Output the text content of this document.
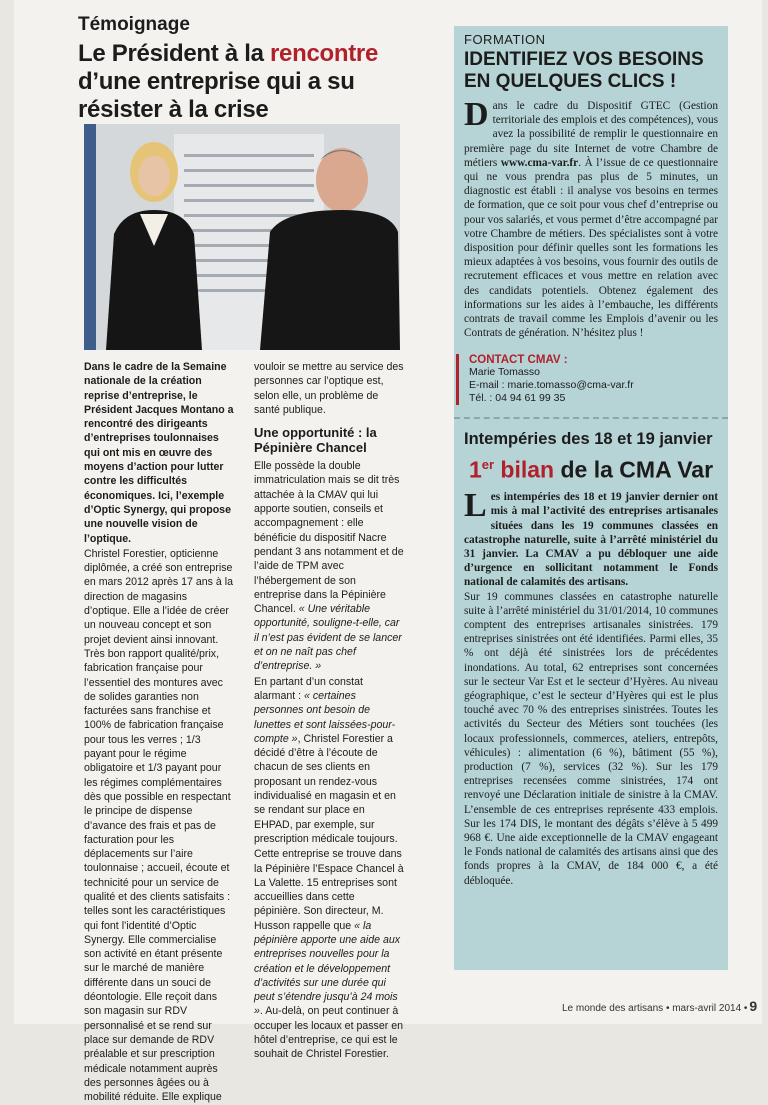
Témoignage
Le Président à la rencontre d’une entreprise qui a su résister à la crise

Dans le cadre de la Semaine nationale de la création reprise d’entreprise, le Président Jacques Montano a rencontré des dirigeants d’entreprises toulonnaises qui ont mis en œuvre des moyens d’action pour lutter contre les difficultés économiques. Ici, l’exemple d’Optic Synergy, qui propose une nouvelle vision de l’optique.

Christel Forestier, opticienne diplômée, a créé son entreprise en mars 2012 après 17 ans à la direction de magasins d’optique. Elle a l’idée de créer un nouveau concept et son projet devient ainsi innovant. Très bon rapport qualité/prix, fabrication française pour l’essentiel des montures avec de solides garanties non facturées sans franchise et 100% de fabrication française pour tous les verres ; 1/3 payant pour le régime obligatoire et 1/3 payant pour les régimes complémentaires dès que possible en respectant le principe de dispense d’avance des frais et pas de facturation pour les déplacements sur l’aire toulonnaise ; accueil, écoute et technicité pour un service de qualité et des clients satisfaits : telles sont les caractéristiques qui font l’identité d’Optic Synergy. Elle commercialise son activité en étant présente sur le marché de manière différente dans un souci de déontologie. Elle reçoit dans son magasin sur RDV personnalisé et se rend sur place sur demande de RDV préalable et sur prescription médicale notamment auprès des personnes âgées ou à mobilité réduite. Elle explique

vouloir se mettre au service des personnes car l’optique est, selon elle, un problème de santé publique.

Une opportunité : la Pépinière Chancel

Elle possède la double immatriculation mais se dit très attachée à la CMAV qui lui apporte soutien, conseils et accompagnement : elle bénéficie du dispositif Nacre pendant 3 ans notamment et de l’aide de TPM avec l’hébergement de son entreprise dans la Pépinière Chancel. « Une véritable opportunité, souligne-t-elle, car il n’est pas évident de se lancer et on ne naît pas chef d’entreprise. »

En partant d’un constat alarmant : « certaines personnes ont besoin de lunettes et sont laissées-pour-compte », Christel Forestier a décidé d’être à l’écoute de chacun de ses clients en proposant un rendez-vous individualisé en magasin et en se rendant sur place en EHPAD, par exemple, sur prescription médicale toujours.

Cette entreprise se trouve dans la Pépinière l’Espace Chancel à La Valette. 15 entreprises sont accueillies dans cette pépinière. Son directeur, M. Husson rappelle que « la pépinière apporte une aide aux entreprises nouvelles pour la création et le développement d’activités sur une durée qui peut s’étendre jusqu’à 24 mois ». Au-delà, on peut continuer à occuper les locaux et passer en hôtel d’entreprise, ce qui est le souhait de Christel Forestier.

FORMATION
IDENTIFIEZ VOS BESOINS EN QUELQUES CLICS !
Dans le cadre du Dispositif GTEC (Gestion territoriale des emplois et des compétences), vous avez la possibilité de remplir le questionnaire en première page du site Internet de votre Chambre de métiers www.cma-var.fr. À l’issue de ce questionnaire qui ne vous prendra pas plus de 5 minutes, un diagnostic est établi : il analyse vos besoins en termes de formation, que ce soit pour vous chef d’entreprise ou pour vos salariés, et vous permet d’être accompagné par votre Chambre de métiers. Des spécialistes sont à votre disposition pour définir quelles sont les formations les mieux adaptées à vos besoins, vous fournir des outils de recrutement efficaces et vous mettre en relation avec des candidats potentiels. Obtenez également des informations sur les aides à l’embauche, les différents contrats de travail comme les Emplois d’avenir ou les Contrats de génération. N’hésitez plus !
CONTACT CMAV :
Marie Tomasso
E-mail : marie.tomasso@cma-var.fr
Tél. : 04 94 61 99 35
Intempéries des 18 et 19 janvier
1er bilan de la CMA Var
Les intempéries des 18 et 19 janvier dernier ont mis à mal l’activité des entreprises artisanales situées dans les 19 communes classées en catastrophe naturelle, suite à l’arrêté ministériel du 31 janvier. La CMAV a pu débloquer une aide d’urgence en sollicitant notamment le Fonds national de calamités des artisans.
Sur 19 communes classées en catastrophe naturelle suite à l’arrêté ministériel du 31/01/2014, 10 communes comptent des entreprises artisanales sinistrées. 179 entreprises sinistrées ont été identifiées. Parmi elles, 35 % ont déjà été sinistrées lors de précédentes inondations. Au total, 62 entreprises sont concernées sur le secteur Var Est et le secteur d’Hyères. Au niveau géographique, c’est le secteur d’Hyères qui est le plus touché avec 70 % des entreprises sinistrées. Toutes les activités du Secteur des Métiers sont touchées (les locaux professionnels, commerces, ateliers, entrepôts, véhicules) : alimentation (6 %), bâtiment (55 %), production (7 %), services (32 %). Sur les 179 entreprises recensées comme sinistrées, 174 ont renvoyé une Déclaration initiale de sinistre à la CMAV. L’ensemble de ces entreprises représente 433 emplois. Sur les 174 DIS, le montant des dégâts s’élève à 5 499 968 €. Une aide exceptionnelle de la CMAV engageant le Fonds national de calamités des artisans ainsi que des fonds propres à la CMAV, de 184 000 €, a été débloquée.
Le monde des artisans • mars-avril 2014 • 9
